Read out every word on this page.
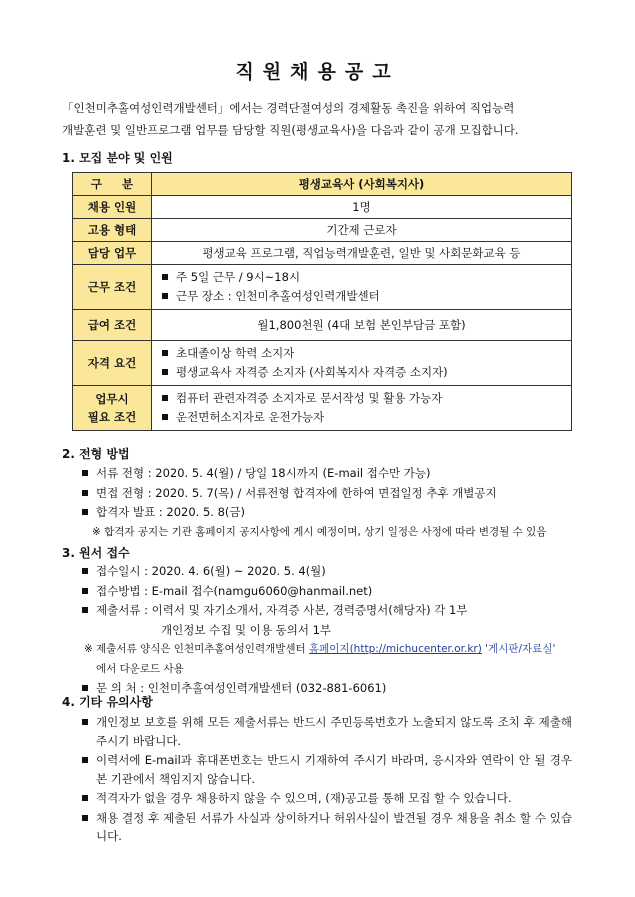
직원채용공고

「인천미추홀여성인력개발센터」에서는 경력단절여성의 경제활동 촉진을 위하여 직업능력

개발훈련 및 일반프로그램 업무를 담당할 직원(평생교육사)을 다음과 같이 공개 모집합니다.

1. 모집 분야 및 인원
구     분	평생교육사 (사회복지사)
채용 인원	1명
고용 형태	기간제 근로자
담당 업무	평생교육 프로그램, 직업능력개발훈련, 일반 및 사회문화교육 등
근무 조건	주 5일 근무 / 9시~18시
근무 장소 : 인천미추홀여성인력개발센터

급여 조건	월1,800천원 (4대 보험 본인부담금 포함)
자격 요건	초대졸이상 학력 소지자
평생교육사 자격증 소지자 (사회복지사 자격증 소지자)

업무시
필요 조건	컴퓨터 관련자격증 소지자로 문서작성 및 활용 가능자
운전면허소지자로 운전가능자
2. 전형 방법
서류 전형 : 2020. 5. 4(월) / 당일 18시까지 (E-mail 접수만 가능)
면접 전형 : 2020. 5. 7(목) / 서류전형 합격자에 한하여 면접일정 추후 개별공지
합격자 발표 : 2020. 5. 8(금)
※ 합격자 공지는 기관 홈페이지 공지사항에 게시 예정이며, 상기 일정은 사정에 따라 변경될 수 있음
3. 원서 접수
접수일시 : 2020. 4. 6(월) ~ 2020. 5. 4(월)
접수방법 : E-mail 접수(namgu6060@hanmail.net)
제출서류 : 이력서 및 자기소개서, 자격증 사본, 경력증명서(해당자) 각 1부
개인정보 수집 및 이용 동의서 1부
※ 제출서류 양식은 인천미추홀여성인력개발센터 홈페이지(http://michucenter.or.kr) '게시판/자료실'
에서 다운로드 사용
문 의 처 : 인천미추홀여성인력개발센터 (032-881-6061)
4. 기타 유의사항
개인정보 보호를 위해 모든 제출서류는 반드시 주민등록번호가 노출되지 않도록 조치 후 제출해 주시기 바랍니다.
이력서에 E-mail과 휴대폰번호는 반드시 기재하여 주시기 바라며, 응시자와 연락이 안 될 경우 본 기관에서 책임지지 않습니다.
적격자가 없을 경우 채용하지 않을 수 있으며, (재)공고를 통해 모집 할 수 있습니다.
채용 결정 후 제출된 서류가 사실과 상이하거나 허위사실이 발견될 경우 채용을 취소 할 수 있습니다.
